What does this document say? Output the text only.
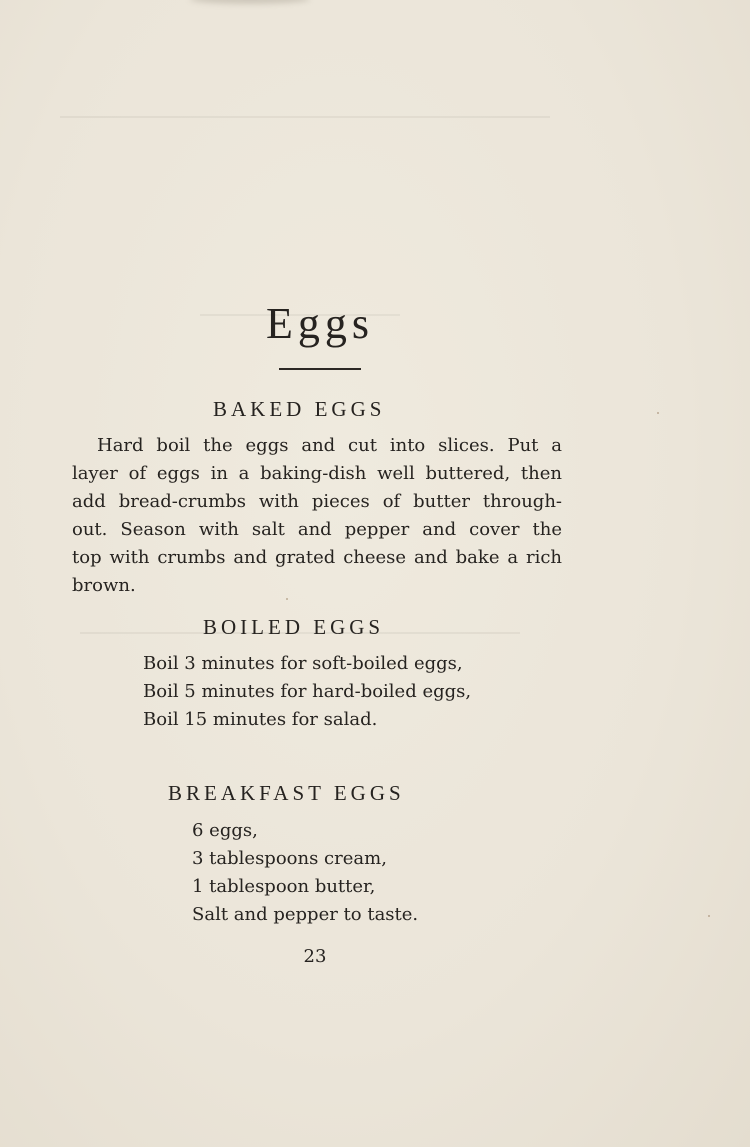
Eggs
BAKED EGGS

Hard boil the eggs and cut into slices. Put a
layer of eggs in a baking-dish well buttered, then
add bread-crumbs with pieces of butter through-
out. Season with salt and pepper and cover the
top with crumbs and grated cheese and bake a rich
brown.

BOILED EGGS
Boil 3 minutes for soft-boiled eggs,
Boil 5 minutes for hard-boiled eggs,
Boil 15 minutes for salad.
BREAKFAST EGGS
6 eggs,
3 tablespoons cream,
1 tablespoon butter,
Salt and pepper to taste.

23
